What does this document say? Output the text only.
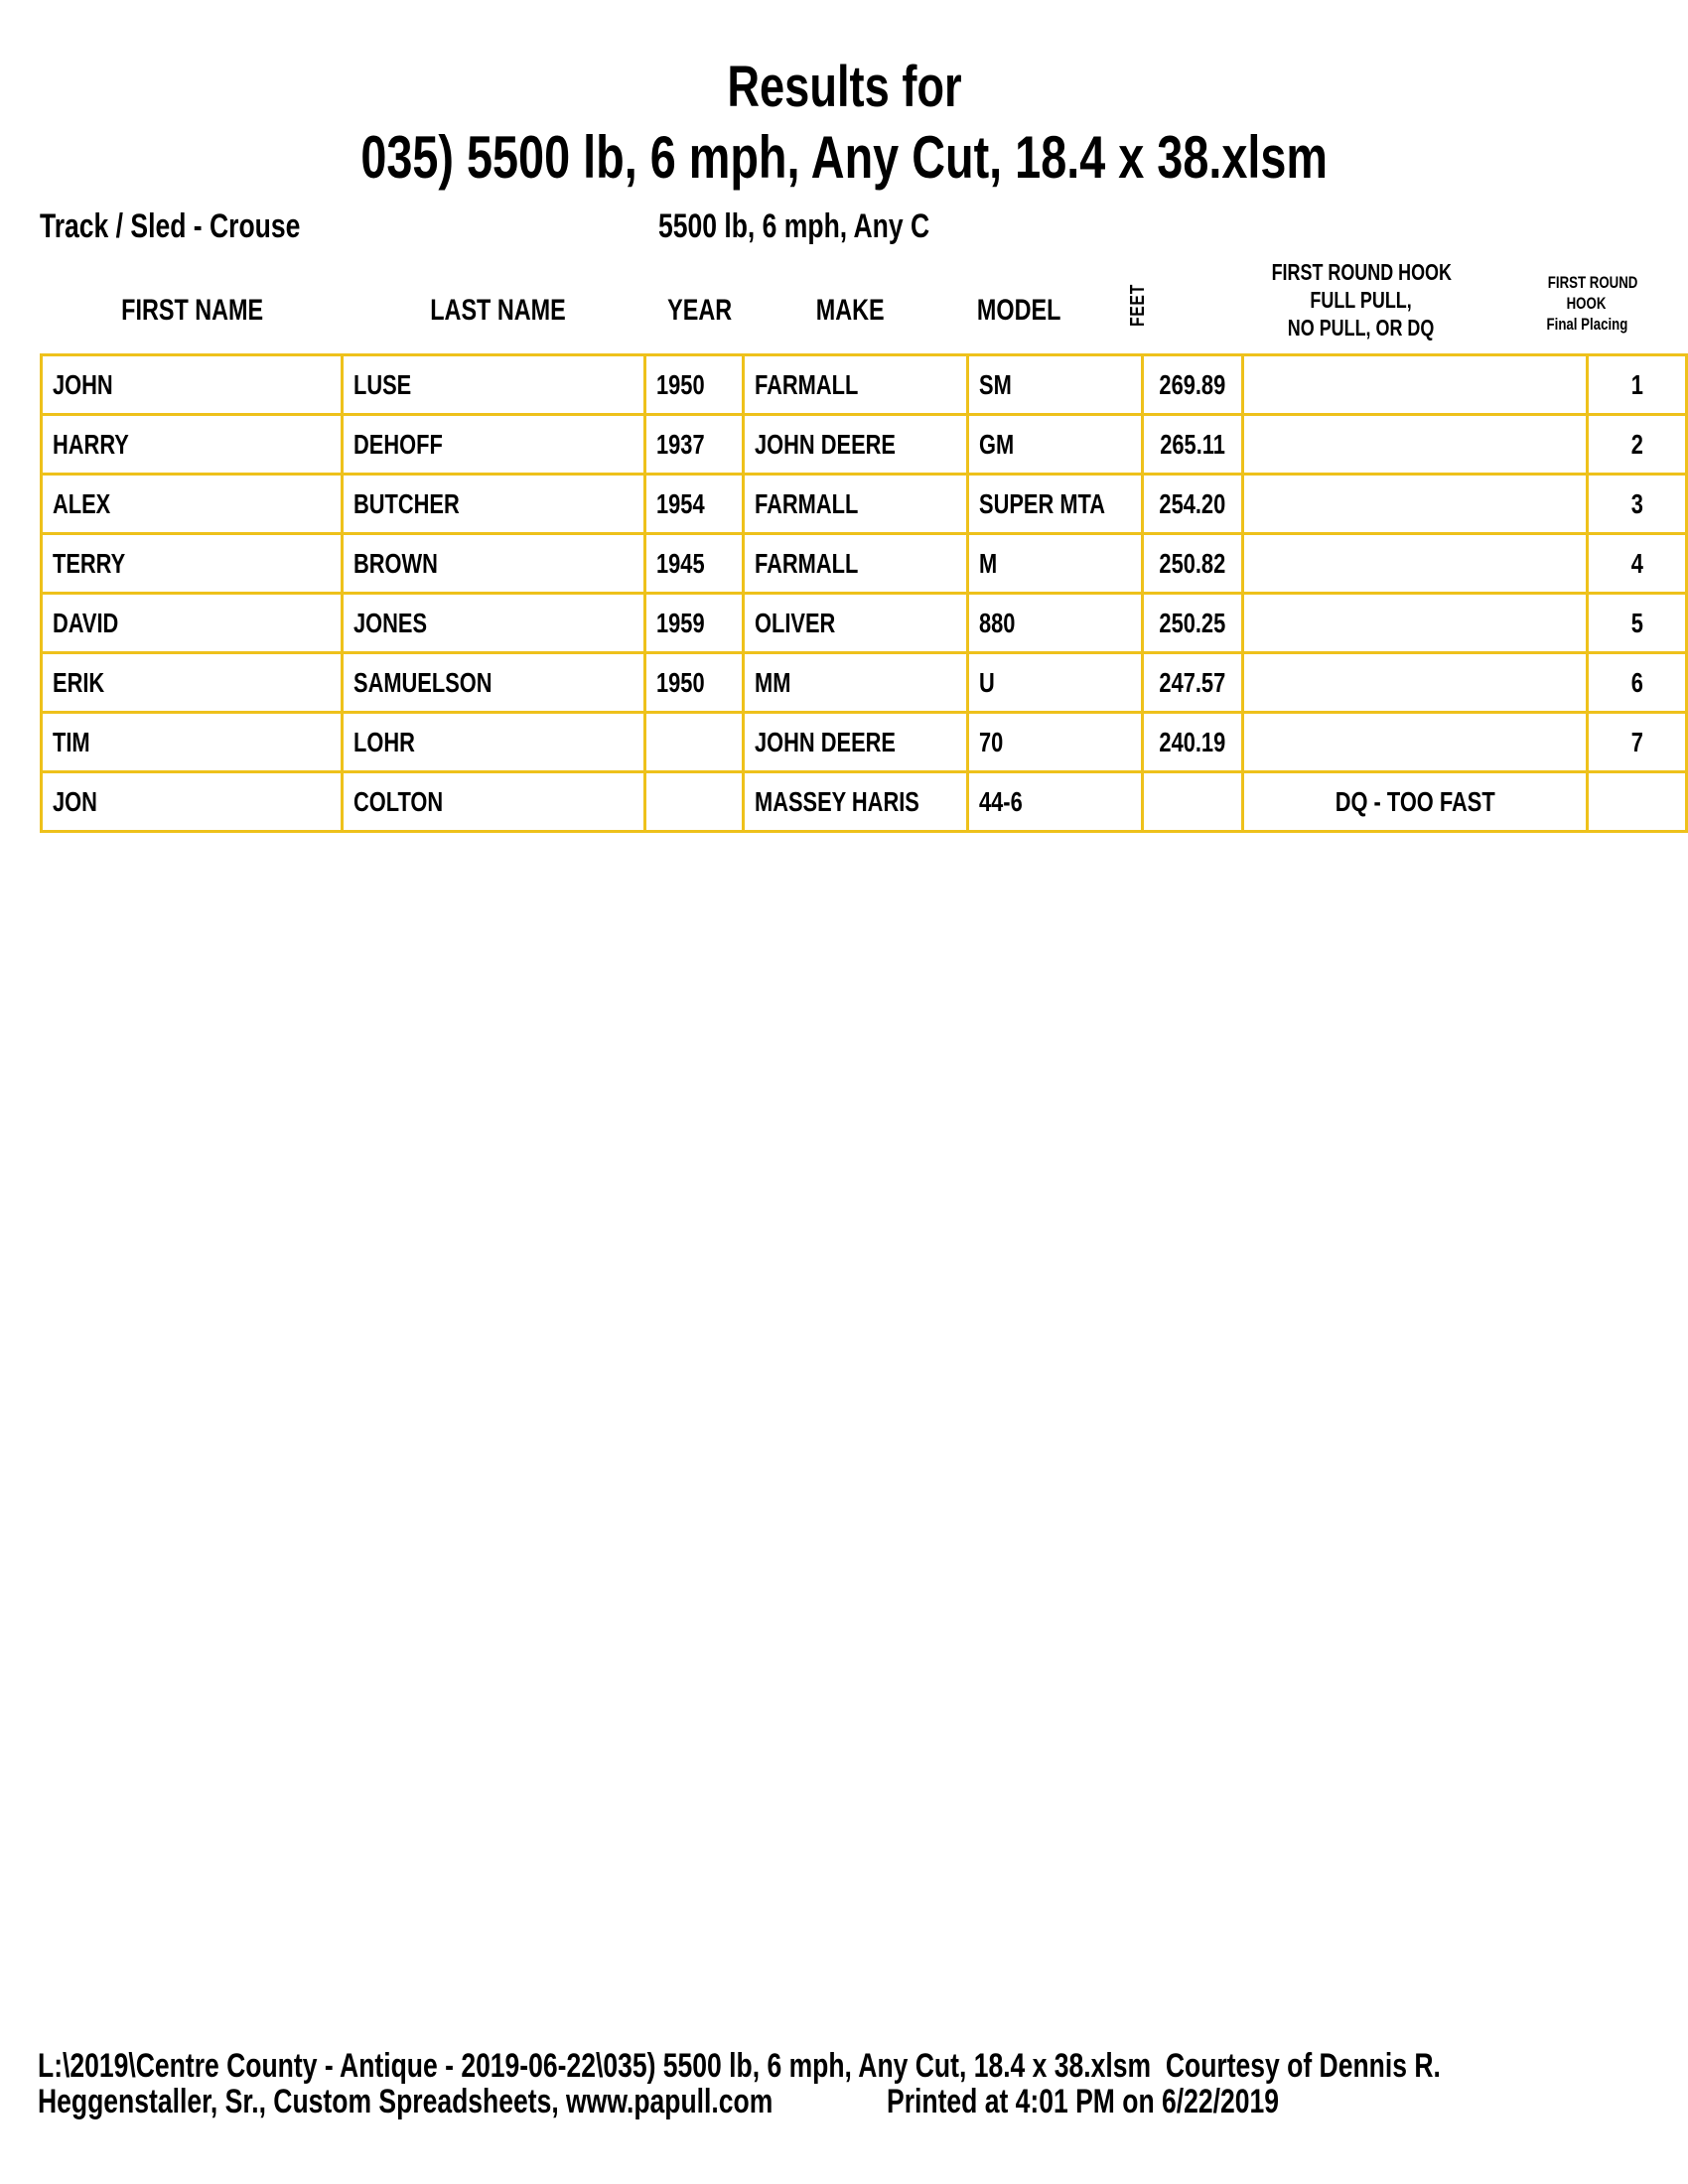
Results for
035) 5500 lb, 6 mph, Any Cut, 18.4 x 38.xlsm
Track / Sled - Crouse	5500 lb, 6 mph, Any C
FIRST NAME	LAST NAME	YEAR	MAKE	MODEL	FEET
FIRST ROUND HOOK
FULL PULL,
NO PULL, OR DQ
FIRST ROUND
HOOK
Final Placing
JOHN	LUSE	1950	FARMALL	SM	269.89		1
HARRY	DEHOFF	1937	JOHN DEERE	GM	265.11		2
ALEX	BUTCHER	1954	FARMALL	SUPER MTA	254.20		3
TERRY	BROWN	1945	FARMALL	M	250.82		4
DAVID	JONES	1959	OLIVER	880	250.25		5
ERIK	SAMUELSON	1950	MM	U	247.57		6
TIM	LOHR		JOHN DEERE	70	240.19		7
JON	COLTON		MASSEY HARIS	44-6		DQ - TOO FAST	
L:\2019\Centre County - Antique - 2019-06-22\035) 5500 lb, 6 mph, Any Cut, 18.4 x 38.xlsm  Courtesy of Dennis R.
Heggenstaller, Sr., Custom Spreadsheets, www.papull.com	Printed at 4:01 PM on 6/22/2019
